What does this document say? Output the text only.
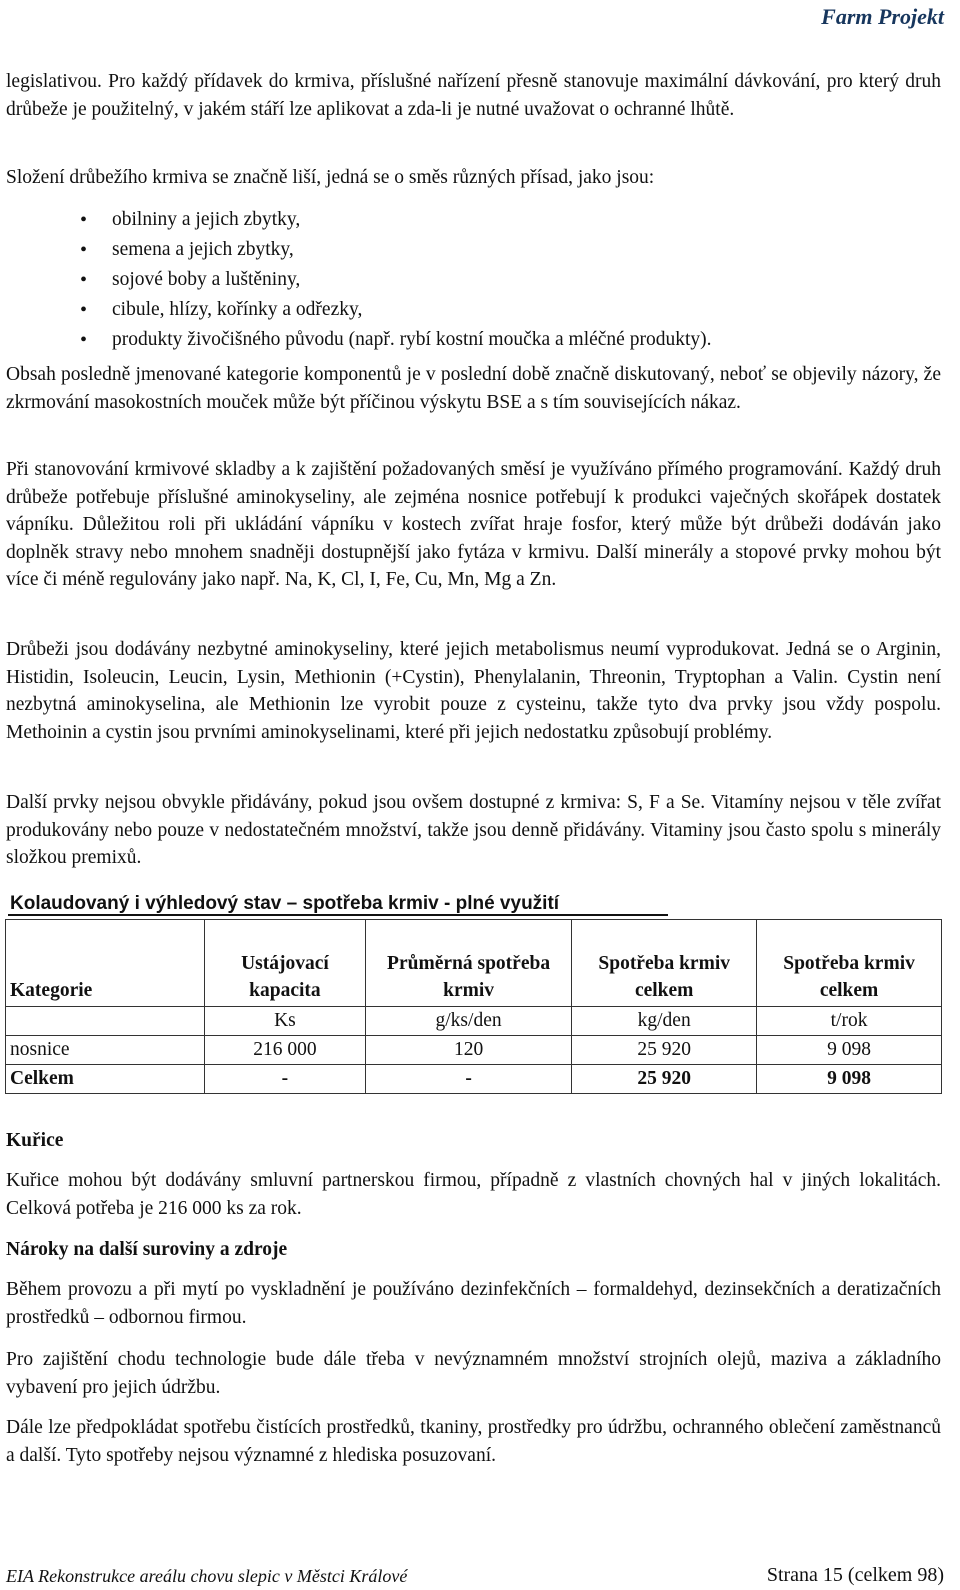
Farm Projekt

legislativou. Pro každý přídavek do krmiva, příslušné nařízení přesně stanovuje maximální dávkování, pro který druh drůbeže je použitelný, v jakém stáří lze aplikovat a zda-li je nutné uvažovat o ochranné lhůtě.

Složení drůbežího krmiva se značně liší, jedná se o směs různých přísad, jako jsou:

• obilniny a jejich zbytky,
• semena a jejich zbytky,
• sojové boby a luštěniny,
• cibule, hlízy, kořínky a odřezky,
• produkty živočišného původu (např. rybí kostní moučka a mléčné produkty).

Obsah posledně jmenované kategorie komponentů je v poslední době značně diskutovaný, neboť se objevily názory, že zkrmování masokostních mouček může být příčinou výskytu BSE a s tím souvisejících nákaz.

Při stanovování krmivové skladby a k zajištění požadovaných směsí je využíváno přímého programování. Každý druh drůbeže potřebuje příslušné aminokyseliny, ale zejména nosnice potřebují k produkci vaječných skořápek dostatek vápníku. Důležitou roli při ukládání vápníku v kostech zvířat hraje fosfor, který může být drůbeži dodáván jako doplněk stravy nebo mnohem snadněji dostupnější jako fytáza v krmivu. Další minerály a stopové prvky mohou být více či méně regulovány jako např. Na, K, Cl, I, Fe, Cu, Mn, Mg a Zn.

Drůbeži jsou dodávány nezbytné aminokyseliny, které jejich metabolismus neumí vyprodukovat. Jedná se o Arginin, Histidin, Isoleucin, Leucin, Lysin, Methionin (+Cystin), Phenylalanin, Threonin, Tryptophan a Valin. Cystin není nezbytná aminokyselina, ale Methionin lze vyrobit pouze z cysteinu, takže tyto dva prvky jsou vždy pospolu. Methoinin a cystin jsou prvními aminokyselinami, které při jejich nedostatku způsobují problémy.

Další prvky nejsou obvykle přidávány, pokud jsou ovšem dostupné z krmiva: S, F a Se. Vitamíny nejsou v těle zvířat produkovány nebo pouze v nedostatečném množství, takže jsou denně přidávány. Vitaminy jsou často spolu s minerály složkou premixů.

Kolaudovaný i výhledový stav – spotřeba krmiv - plné využití
Kategorie	Ustájovací kapacita	Průměrná spotřeba krmiv	Spotřeba krmiv celkem	Spotřeba krmiv celkem
	Ks	g/ks/den	kg/den	t/rok
nosnice	216 000	120	25 920	9 098
Celkem	-	-	25 920	9 098
Kuřice

Kuřice mohou být dodávány smluvní partnerskou firmou, případně z vlastních chovných hal v jiných lokalitách. Celková potřeba je 216 000 ks za rok.

Nároky na další suroviny a zdroje

Během provozu a při mytí po vyskladnění je používáno dezinfekčních – formaldehyd, dezinsekčních a deratizačních prostředků – odbornou firmou.

Pro zajištění chodu technologie bude dále třeba v nevýznamném množství strojních olejů, maziva a základního vybavení pro jejich údržbu.

Dále lze předpokládat spotřebu čistících prostředků, tkaniny, prostředky pro údržbu, ochranného oblečení zaměstnanců a další. Tyto spotřeby nejsou významné z hlediska posuzovaní.

EIA Rekonstrukce areálu chovu slepic v Městci Králové	Strana 15 (celkem 98)
